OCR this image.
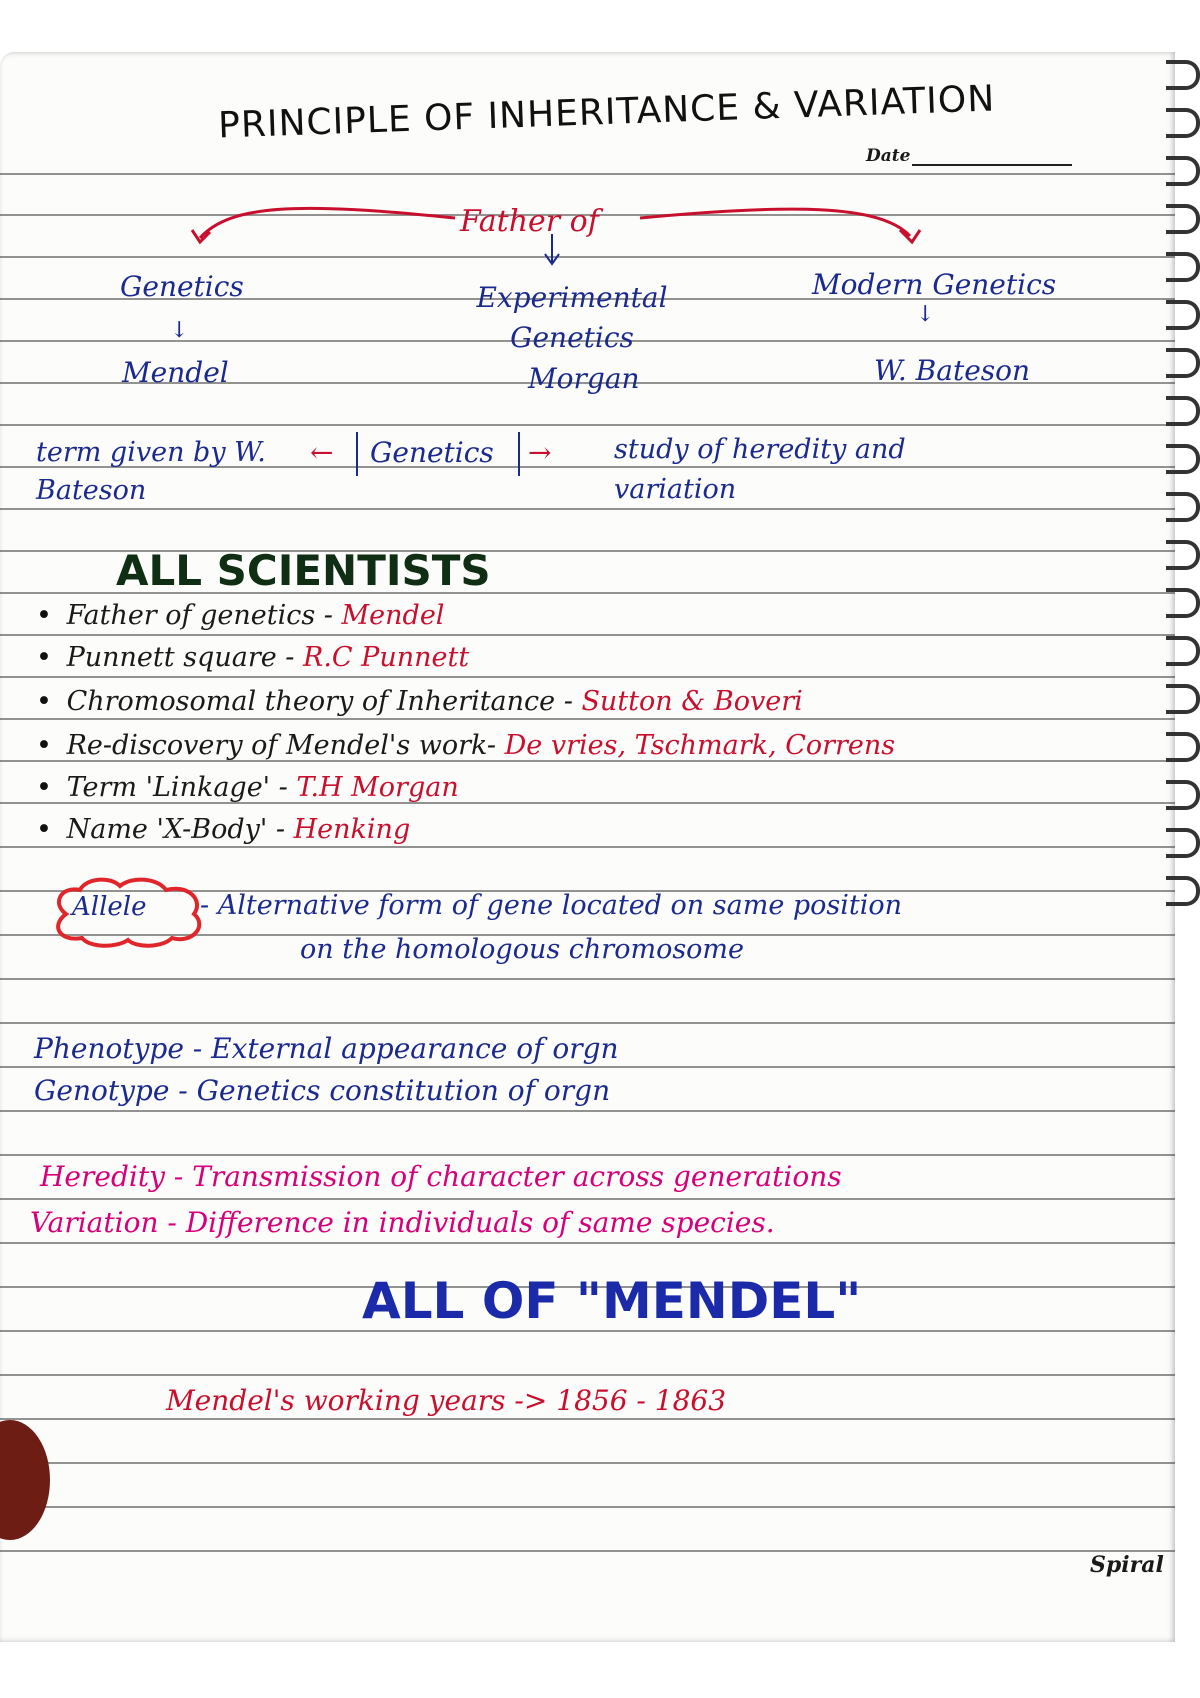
PRINCIPLE OF INHERITANCE & VARIATION
Date
Father of
Genetics
↓
Mendel
Experimental Genetics
Morgan
Modern Genetics
↓
W. Bateson
term given by W. Bateson
← Genetics → study of heredity and variation
ALL SCIENTISTS
• Father of genetics - Mendel
• Punnett square - R.C Punnett
• Chromosomal theory of Inheritance - Sutton & Boveri
• Re-discovery of Mendel's work- De vries, Tschmark, Correns
• Term 'Linkage' - T.H Morgan
• Name 'X-Body' - Henking
Allele - Alternative form of gene located on same position
on the homologous chromosome
Phenotype - External appearance of orgn
Genotype - Genetics constitution of orgn
Heredity - Transmission of character across generations
Variation - Difference in individuals of same species.
ALL OF "MENDEL"
Mendel's working years -> 1856 - 1863
Spiral
